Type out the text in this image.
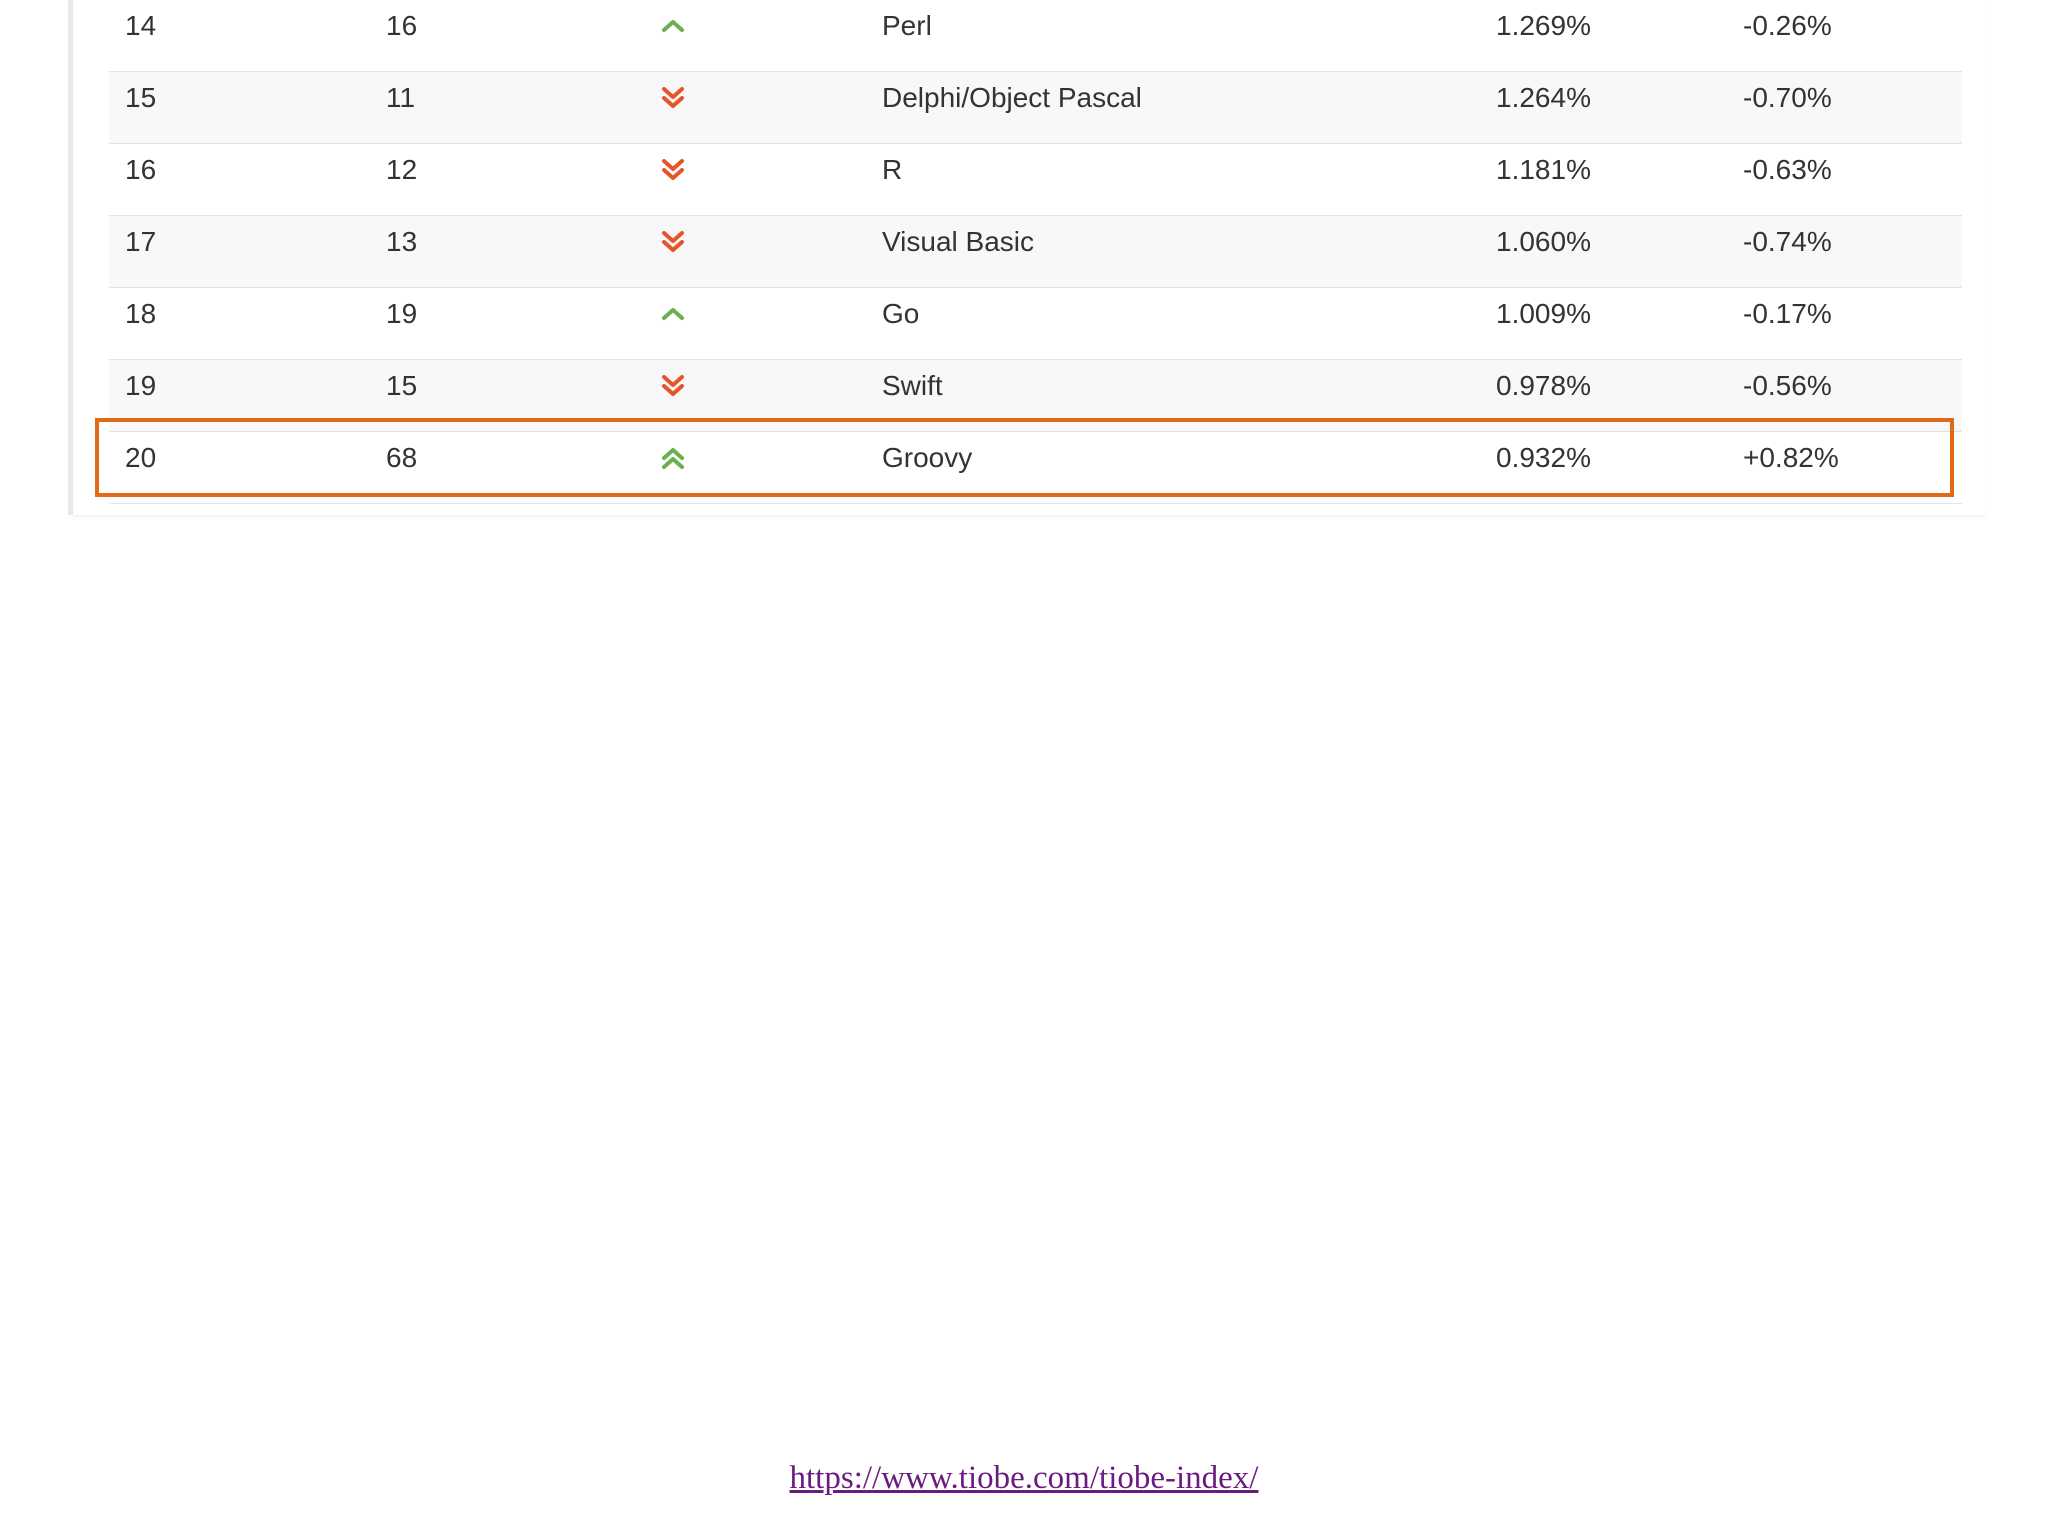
14	16	Perl	1.269%	-0.26%
15	11	Delphi/Object Pascal	1.264%	-0.70%
16	12	R	1.181%	-0.63%
17	13	Visual Basic	1.060%	-0.74%
18	19	Go	1.009%	-0.17%
19	15	Swift	0.978%	-0.56%
20	68	Groovy	0.932%	+0.82%
https://www.tiobe.com/tiobe-index/
